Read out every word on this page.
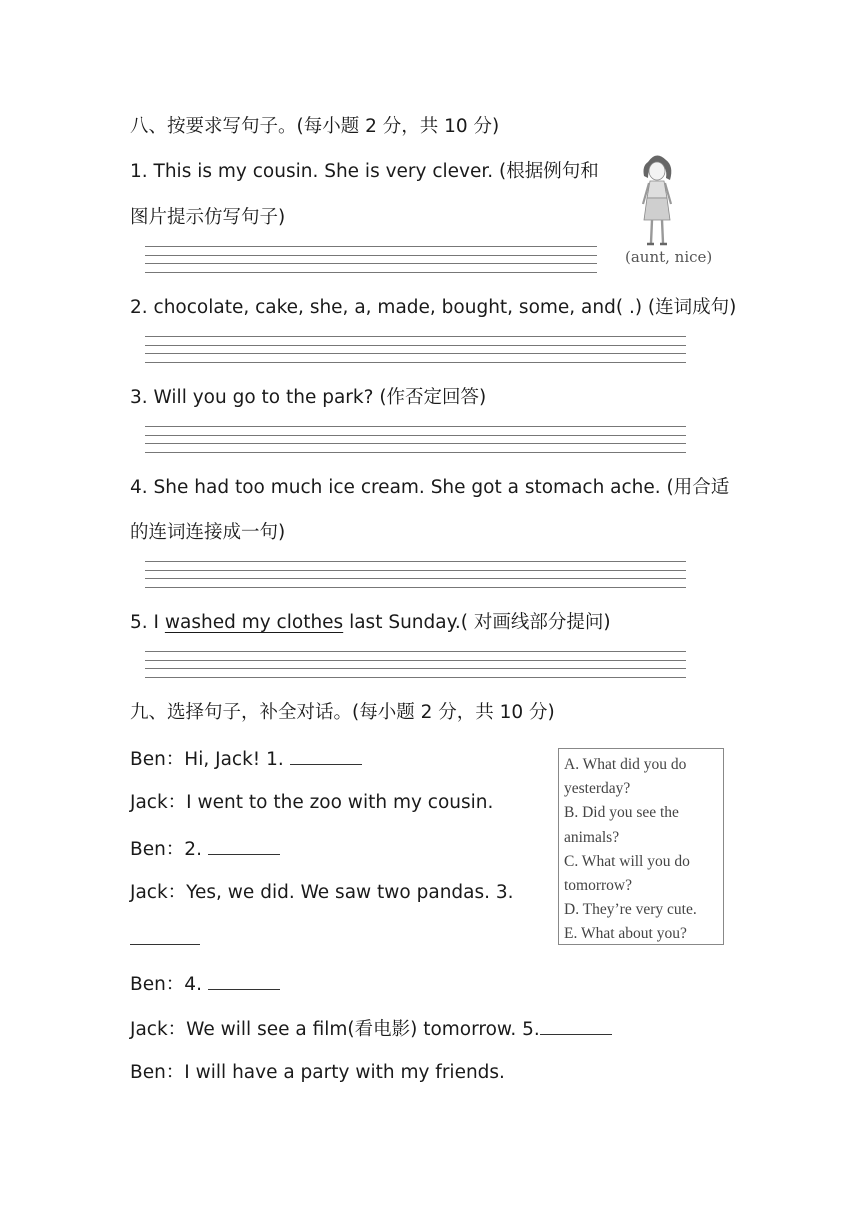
八、按要求写句子。(每小题 2 分，共 10 分)
1. This is my cousin. She is very clever. (根据例句和
图片提示仿写句子)
(aunt, nice)
2. chocolate, cake, she, a, made, bought, some, and( .) (连词成句)
3. Will you go to the park? (作否定回答)
4. She had too much ice cream. She got a stomach ache. (用合适
的连词连接成一句)
5. I washed my clothes last Sunday.( 对画线部分提问)
九、选择句子，补全对话。(每小题 2 分，共 10 分)
Ben：Hi, Jack! 1.
Jack：I went to the zoo with my cousin.
Ben：2.
Jack：Yes, we did. We saw two pandas. 3.
Ben：4.
Jack：We will see a film(看电影) tomorrow. 5.
Ben：I will have a party with my friends.
A. What did you do
yesterday?
B. Did you see the
animals?
C. What will you do
tomorrow?
D. They’re very cute.
E. What about you?
